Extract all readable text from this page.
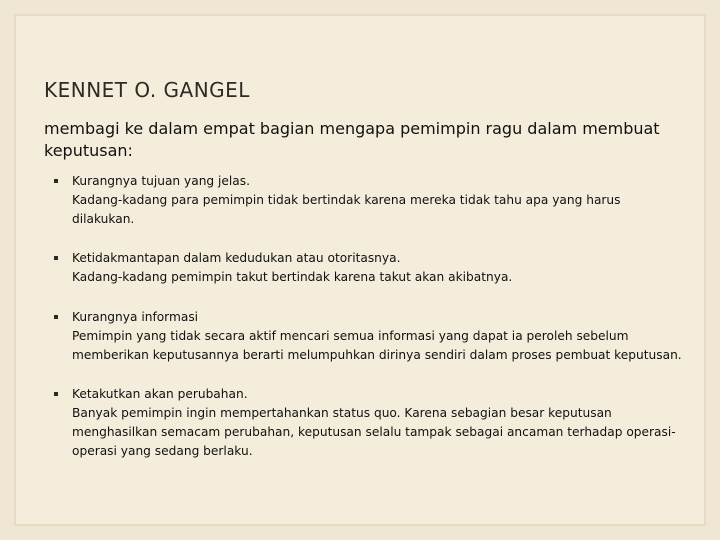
KENNET O. GANGEL

membagi ke dalam empat bagian mengapa pemimpin ragu dalam membuat keputusan:

Kurangnya tujuan yang jelas.
Kadang-kadang para pemimpin tidak bertindak karena mereka tidak tahu apa yang harus dilakukan.
Ketidakmantapan dalam kedudukan atau otoritasnya.
Kadang-kadang pemimpin takut bertindak karena takut akan akibatnya.
Kurangnya informasi
Pemimpin yang tidak secara aktif mencari semua informasi yang dapat ia peroleh sebelum memberikan keputusannya berarti melumpuhkan dirinya sendiri dalam proses pembuat keputusan.
Ketakutkan akan perubahan.
Banyak pemimpin ingin mempertahankan status quo. Karena sebagian besar keputusan menghasilkan semacam perubahan, keputusan selalu tampak sebagai ancaman terhadap operasi-operasi yang sedang berlaku.
